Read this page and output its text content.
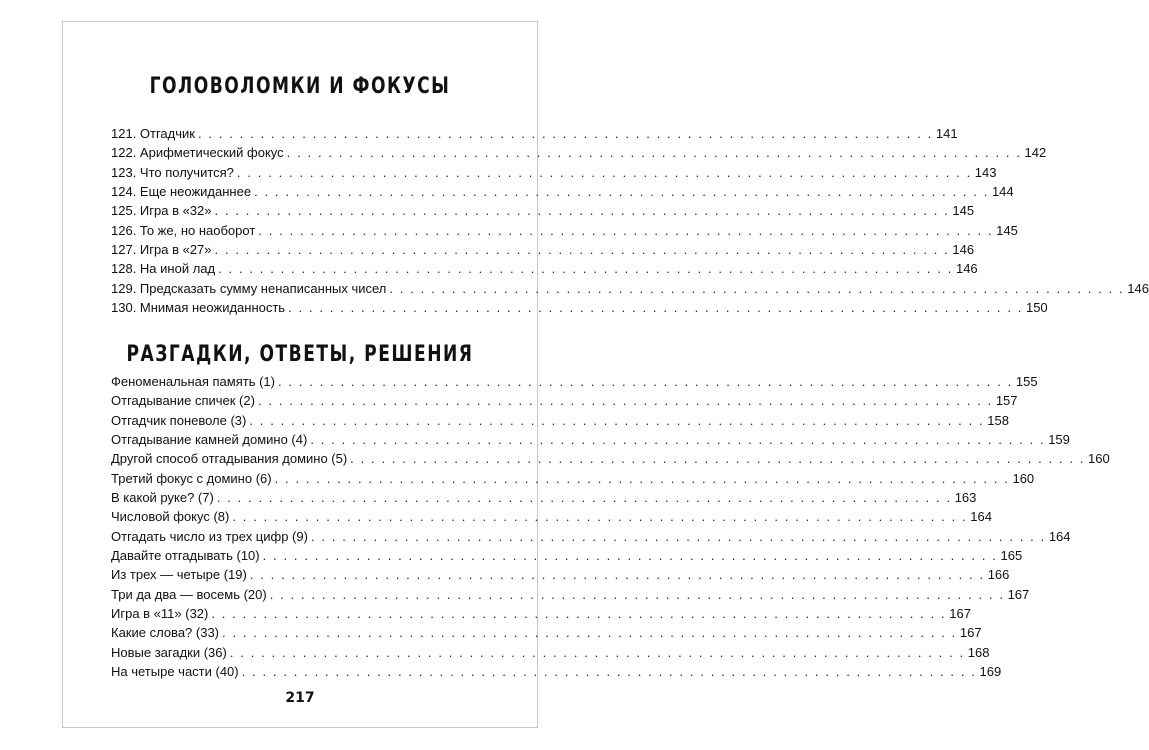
ГОЛОВОЛОМКИ И ФОКУСЫ
121. Отгадчик . . . . . . . . . . . . . . . . . . . . . . . . . . . . . . . . . . . . . . . . . . . . . . . . . . . . . . . . . . . . . . . . . . . . . . . 141
122. Арифметический фокус . . . . . . . . . . . . . . . . . . . . . . . . . . . . . . . . . . . . . . . . . . . . . . . . . . . . . . . . . . . . . . . . . . . . . . . 142
123. Что получится? . . . . . . . . . . . . . . . . . . . . . . . . . . . . . . . . . . . . . . . . . . . . . . . . . . . . . . . . . . . . . . . . . . . . . . . 143
124. Еще неожиданнее . . . . . . . . . . . . . . . . . . . . . . . . . . . . . . . . . . . . . . . . . . . . . . . . . . . . . . . . . . . . . . . . . . . . . . . 144
125. Игра в «32» . . . . . . . . . . . . . . . . . . . . . . . . . . . . . . . . . . . . . . . . . . . . . . . . . . . . . . . . . . . . . . . . . . . . . . . 145
126. То же, но наоборот . . . . . . . . . . . . . . . . . . . . . . . . . . . . . . . . . . . . . . . . . . . . . . . . . . . . . . . . . . . . . . . . . . . . . . . 145
127. Игра в «27» . . . . . . . . . . . . . . . . . . . . . . . . . . . . . . . . . . . . . . . . . . . . . . . . . . . . . . . . . . . . . . . . . . . . . . . 146
128. На иной лад . . . . . . . . . . . . . . . . . . . . . . . . . . . . . . . . . . . . . . . . . . . . . . . . . . . . . . . . . . . . . . . . . . . . . . . 146
129. Предсказать сумму ненаписанных чисел . . . . . . . . . . . . . . . . . . . . . . . . . . . . . . . . . . . . . . . . . . . . . . . . . . . . . . . . . . . . . . . . . . . . . . . 146
130. Мнимая неожиданность . . . . . . . . . . . . . . . . . . . . . . . . . . . . . . . . . . . . . . . . . . . . . . . . . . . . . . . . . . . . . . . . . . . . . . . 150
РАЗГАДКИ, ОТВЕТЫ, РЕШЕНИЯ
Феноменальная память (1) . . . . . . . . . . . . . . . . . . . . . . . . . . . . . . . . . . . . . . . . . . . . . . . . . . . . . . . . . . . . . . . . . . . . . . . 155
Отгадывание спичек (2) . . . . . . . . . . . . . . . . . . . . . . . . . . . . . . . . . . . . . . . . . . . . . . . . . . . . . . . . . . . . . . . . . . . . . . . 157
Отгадчик поневоле (3) . . . . . . . . . . . . . . . . . . . . . . . . . . . . . . . . . . . . . . . . . . . . . . . . . . . . . . . . . . . . . . . . . . . . . . . 158
Отгадывание камней домино (4) . . . . . . . . . . . . . . . . . . . . . . . . . . . . . . . . . . . . . . . . . . . . . . . . . . . . . . . . . . . . . . . . . . . . . . . 159
Другой способ отгадывания домино (5) . . . . . . . . . . . . . . . . . . . . . . . . . . . . . . . . . . . . . . . . . . . . . . . . . . . . . . . . . . . . . . . . . . . . . . . 160
Третий фокус с домино (6) . . . . . . . . . . . . . . . . . . . . . . . . . . . . . . . . . . . . . . . . . . . . . . . . . . . . . . . . . . . . . . . . . . . . . . . 160
В какой руке? (7) . . . . . . . . . . . . . . . . . . . . . . . . . . . . . . . . . . . . . . . . . . . . . . . . . . . . . . . . . . . . . . . . . . . . . . . 163
Числовой фокус (8) . . . . . . . . . . . . . . . . . . . . . . . . . . . . . . . . . . . . . . . . . . . . . . . . . . . . . . . . . . . . . . . . . . . . . . . 164
Отгадать число из трех цифр (9) . . . . . . . . . . . . . . . . . . . . . . . . . . . . . . . . . . . . . . . . . . . . . . . . . . . . . . . . . . . . . . . . . . . . . . . 164
Давайте отгадывать (10) . . . . . . . . . . . . . . . . . . . . . . . . . . . . . . . . . . . . . . . . . . . . . . . . . . . . . . . . . . . . . . . . . . . . . . . 165
Из трех — четыре (19) . . . . . . . . . . . . . . . . . . . . . . . . . . . . . . . . . . . . . . . . . . . . . . . . . . . . . . . . . . . . . . . . . . . . . . . 166
Три да два — восемь (20) . . . . . . . . . . . . . . . . . . . . . . . . . . . . . . . . . . . . . . . . . . . . . . . . . . . . . . . . . . . . . . . . . . . . . . . 167
Игра в «11» (32) . . . . . . . . . . . . . . . . . . . . . . . . . . . . . . . . . . . . . . . . . . . . . . . . . . . . . . . . . . . . . . . . . . . . . . . 167
Какие слова? (33) . . . . . . . . . . . . . . . . . . . . . . . . . . . . . . . . . . . . . . . . . . . . . . . . . . . . . . . . . . . . . . . . . . . . . . . 167
Новые загадки (36) . . . . . . . . . . . . . . . . . . . . . . . . . . . . . . . . . . . . . . . . . . . . . . . . . . . . . . . . . . . . . . . . . . . . . . . 168
На четыре части (40) . . . . . . . . . . . . . . . . . . . . . . . . . . . . . . . . . . . . . . . . . . . . . . . . . . . . . . . . . . . . . . . . . . . . . . . 169
217
